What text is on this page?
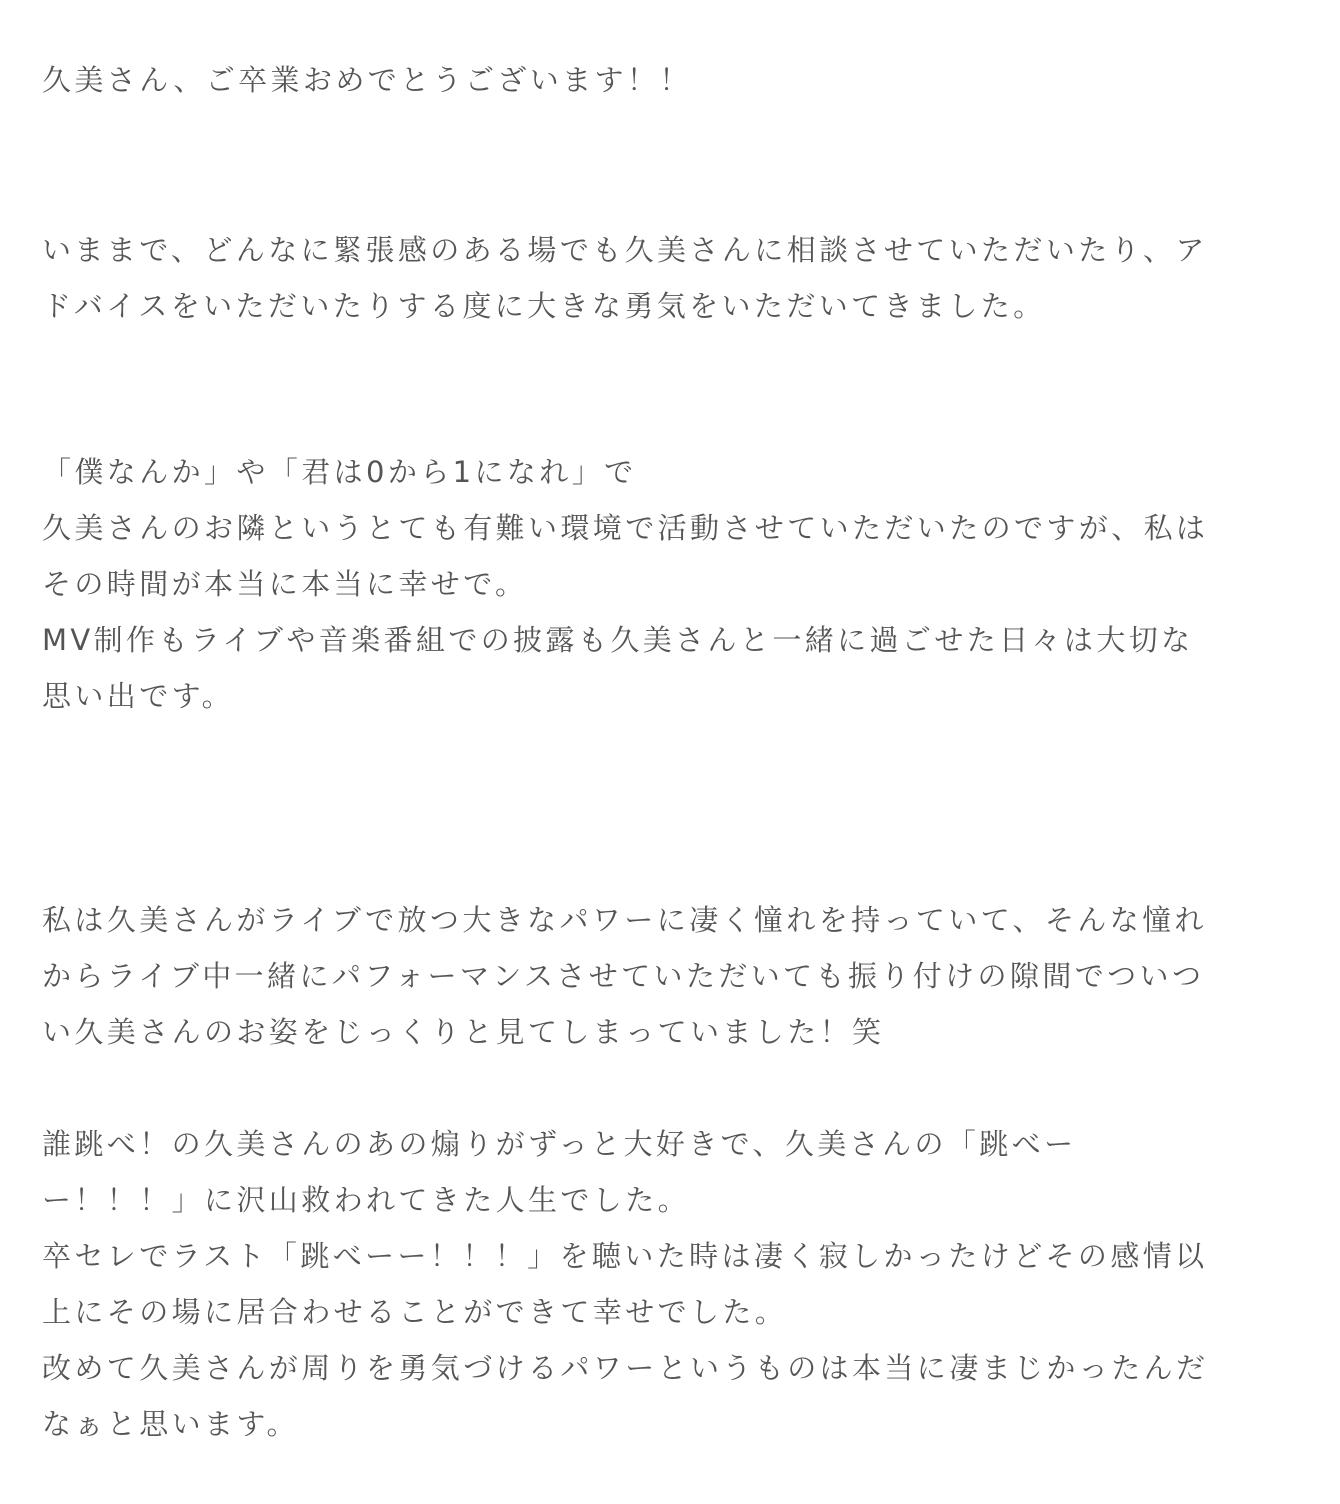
久美さん、ご卒業おめでとうございます！！
いままで、どんなに緊張感のある場でも久美さんに相談させていただいたり、ア
ドバイスをいただいたりする度に大きな勇気をいただいてきました。
「僕なんか」や「君は0から1になれ」で
久美さんのお隣というとても有難い環境で活動させていただいたのですが、私は
その時間が本当に本当に幸せで。
MV制作もライブや音楽番組での披露も久美さんと一緒に過ごせた日々は大切な
思い出です。
私は久美さんがライブで放つ大きなパワーに凄く憧れを持っていて、そんな憧れ
からライブ中一緒にパフォーマンスさせていただいても振り付けの隙間でついつ
い久美さんのお姿をじっくりと見てしまっていました！笑
誰跳べ！の久美さんのあの煽りがずっと大好きで、久美さんの「跳べー
ー！！！」に沢山救われてきた人生でした。
卒セレでラスト「跳べーー！！！」を聴いた時は凄く寂しかったけどその感情以
上にその場に居合わせることができて幸せでした。
改めて久美さんが周りを勇気づけるパワーというものは本当に凄まじかったんだ
なぁと思います。
